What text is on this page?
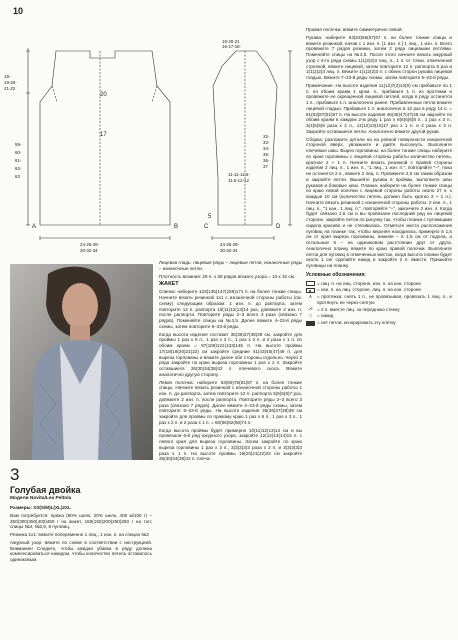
10
18-
19-20-
21-22
59-
60-
61-
62-
63
20
17
24-26-28-
30-32-34
A	B	C	D
16-17-18-
19-20-21
32-
33-
34-
35-
36-
37
11-11-11.5-
11.5-12-12
24-26-28-
30-32-34
5
3
Голубая двойка
Модели Novita/Lea Peltola

Размеры: XS(S/M)L(XL)2XL

Вам потребуется: пряжа (80% шелк, 20% шелк, 400 м/100 г) – 250(300)350(400)450 г на жакет, 150(150)200(250)250 г на топ; спицы №3, №3,5, 8 пуговиц.

Резинка 1х1: вяжите попеременно 1 лиц., 1 изн. п. на спицах №3

Ажурный узор: вяжите по схеме в соответствии с инструкцией. Внимание! Следите, чтобы каждая убавка в ряду должна компенсироваться накидом, чтобы количество петель оставалось одинаковым.

Лицевая гладь: лицевые ряды – лицевые петли, изнаночные ряды – изнаночные петли.

Плотность вязания: 28 п. х 36 рядов вязкого узора = 10 х 10 см.

ЖАКЕТ

Спинка: наберите 123(135)147(159)171 п. на более тонкие спицы. Начните вязать резинкой 1х1 с изнаночной стороны работы (см. схему) следующим образом: 1 изн. п. до раппорта, затем повторите 12 п. раппорта 10(11)12(13)14 раз, довяжите 2 изн. п. после раппорта. Повторите ряды 2–3 всего 3 раза (связано 7 рядов). Поменяйте спицы на №3,5. Далее вяжите 4–23-й ряды схемы, затем повторите 6–23-й ряды.

Когда высота изделия составит 35(36)37(38)39 см, закройте для проймы 1 раз х 6 п., 1 раз х 3 п., 1 раз х 2 п. и 2 раза х 1 п. по обоим краям = 97(109)121(133)145 п. На высоте проймы 17(18)19(20)21(22) см закройте средние 41(43)45(47)49 п. для выреза горловины и вяжите далее обе стороны отдельно. Через 2 ряда закройте по краю выреза горловины 1 раз х 2 п. Закройте оставшиеся 26(30)34(38)42 п. плечевого скоса. Вяжите аналогично другую сторону.

Левая полочка: наберите 63(69)75(81)87 п. на более тонкие спицы. Начните вязать резинкой с изнаночной стороны работы 1 изн. п. до раппорта, затем повторите 12 п. раппорта 5(5)6(6)7 раз, довяжите 2 изн. п. после раппорта. Повторите ряды 2–3 всего 3 раза (связано 7 рядов). Далее вяжите 4–23-й ряды схемы, затем повторите 6–23-й ряды. На высоте изделия 35(36)37(38)39 см закройте для проймы по правому краю 1 раз х 6 п., 1 раз х 3 п., 1 раз х 2 п. и 2 раза х 1 п. = 50(56)62(68)74 п.

Когда высота проймы будет примерно 10(11)12(13)14 см и вы провязали 6-й ряд ажурного узора, закройте 12(12)14(14)15 п. с левого края для выреза горловины. Затем закройте по краю выреза горловины 1 раз х 3 п., 3(3)3(3)3 раза х 2 п. и 3(3)3(3)3 раза х 1 п. На высоте проймы 19(20)21(22)23 см закройте 26(30)34(38)42 п. плеча.

Правая полочка: вяжите симметрично левой.

Рукава: наберите 63(63)65(67)67 п. на более тонкие спицы и вяжите резинкой, начав с 1 изн. п. [1 изн. п.] 1 лиц., 1 изн. п. Всего провяжите 7 рядов резинки, затем 2 ряда лицевыми петлями. Поменяйте спицы на №3,5. После этого начните вязать ажурный узор с 6-го ряда схемы 1(1)2(2)3 лиц. п., 1 п. от точки, отмеченной стрелкой, вяжите лицевой, затем повторите 12 п. раппорта 5 раз и 1(1)2(2)3 лиц. п. Вяжите 1(1)2(2)3 п. с обеих сторон рукава лицевой гладью. Вяжите 7–23-й ряды схемы, затем повторите 6–23-й ряды.

Примечание. На высоте изделия 11(12)7(4)12(9) см прибавьте по 1 п. по обоим краям 1 кром. п., прибавьте 1 п. из протяжки и провяжите ее скрещенной лицевой петлей, когда в ряду останется 1 п., прибавьте 1 п. аналогично ранее. Прибавленные петли вяжите лицевой гладью. Прибавьте 1 п. аналогично в 12 раз в ряду 14 п. = 81(83)87(91)97 п. На высоте изделия 46(46)47(47)48 см закройте по обоим краям в каждом 2-м ряду 1 раз х 6(6)6(6)8 п., 1 раз х 3 п., 3(4)5(5)6 раза х 2 п., 11(12)13(15)17 раз х 1 п. и 2 раза х 3 п. Закройте оставшиеся петли. Аналогично вяжите другой рукав.

Сборка: разложите детали на на ровной поверхности изнаночной стороной вверх, увлажните и дайте высохнуть. Выполните плечевые швы. Вырез горловины: на более тонкие спицы наберите по краю горловины с лицевой стороны работы количество петель, кратное 2 + 1 п. Начните вязать резинкой с правой стороны изделия 2 лиц. п., 1 изн. п., "1 лиц., 1 изн. п.", повторяйте "–", пока не останется 2 п., вяжите 2 лиц. п. Провяжите 2,5 см таким образом и закройте петли. Вышейте рукава в проймы, выполните швы рукавов и боковые швы. Планка: наберите на более тонкие спицы по краю левой полочки с лицевой стороны работы около 27 п. х каждые 10 см (количество петель должно быть кратно 2 + 1 п.). Начните вязать резинкой с изнаночной стороны работы: 2 изн. п., 1 лиц. п., "1 изн., 1 лиц. п.", повторяйте "–", закончите 2 изн. п. Когда будет связано 2,5 см и вы провязали последний ряд на лицевой стороне, закройте петли по рисунку так, чтобы планка с пуговицами сидела красиво и не стягивалась. Отметьте места расположения пуговиц на планке так, чтобы верхняя находилась примерно в 1,5 см от края выреза горловины, нижняя – в 1,5 см от подола, а остальные 6 – на одинаковом расстоянии друг от друга. Аналогично планку вяжите по краю правой полочки. Выполните петли для пуговиц в отмеченных местах, когда высота планки будет около 1 см: сделайте накид и закройте 2 п. вместе. Пришейте пуговицы на планку.

Условные обозначения:
= лиц. п. на лиц. стороне, изн. п. на изн. стороне
= изн. п. на лиц. стороне, лиц. п. на изн. стороне
⋏	= протяжка: снять 1 п., не провязывая, провязать 1 лиц. п., и протянуть ее через снятую
⋌ = 2 п. вместе лиц. за переднюю стенку
○	= накид
= нет петли, игнорировать эту клетку
